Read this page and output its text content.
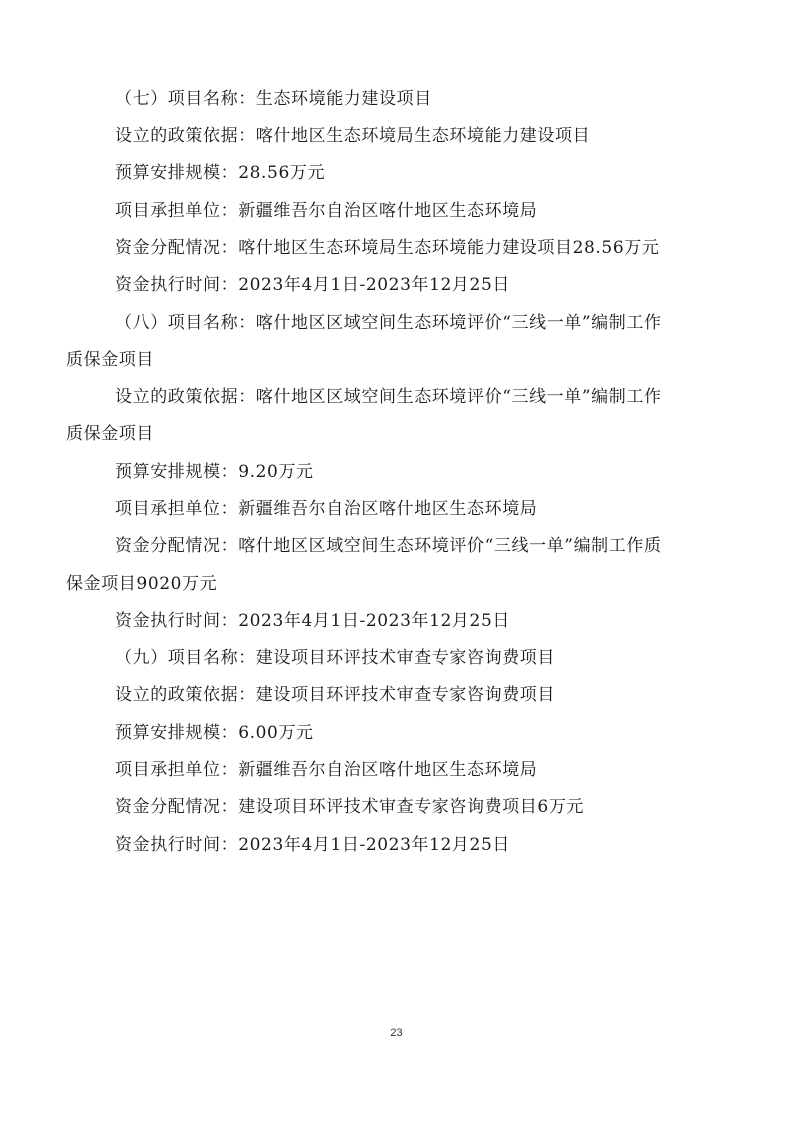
（七）项目名称：生态环境能力建设项目
设立的政策依据：喀什地区生态环境局生态环境能力建设项目
预算安排规模：28.56万元
项目承担单位：新疆维吾尔自治区喀什地区生态环境局
资金分配情况：喀什地区生态环境局生态环境能力建设项目28.56万元
资金执行时间：2023年4月1日-2023年12月25日
（八）项目名称：喀什地区区域空间生态环境评价“三线一单”编制工作
质保金项目
设立的政策依据：喀什地区区域空间生态环境评价“三线一单”编制工作
质保金项目
预算安排规模：9.20万元
项目承担单位：新疆维吾尔自治区喀什地区生态环境局
资金分配情况：喀什地区区域空间生态环境评价“三线一单”编制工作质
保金项目9020万元
资金执行时间：2023年4月1日-2023年12月25日
（九）项目名称：建设项目环评技术审查专家咨询费项目
设立的政策依据：建设项目环评技术审查专家咨询费项目
预算安排规模：6.00万元
项目承担单位：新疆维吾尔自治区喀什地区生态环境局
资金分配情况：建设项目环评技术审查专家咨询费项目6万元
资金执行时间：2023年4月1日-2023年12月25日
23
